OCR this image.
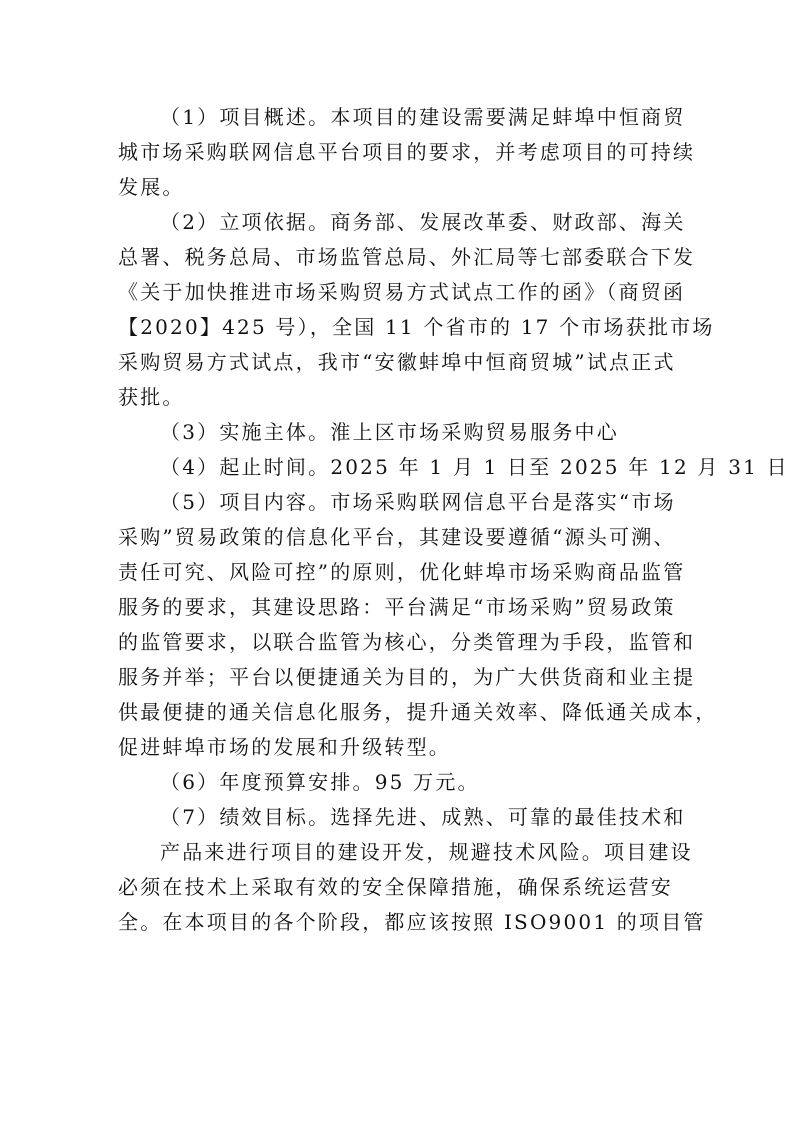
（1）项目概述。本项目的建设需要满足蚌埠中恒商贸
城市场采购联网信息平台项目的要求，并考虑项目的可持续
发展。
（2）立项依据。商务部、发展改革委、财政部、海关
总署、税务总局、市场监管总局、外汇局等七部委联合下发
《关于加快推进市场采购贸易方式试点工作的函》（商贸函
【2020】425 号），全国 11 个省市的 17 个市场获批市场
采购贸易方式试点，我市“安徽蚌埠中恒商贸城”试点正式
获批。
（3）实施主体。淮上区市场采购贸易服务中心
（4）起止时间。2025 年 1 月 1 日至 2025 年 12 月 31 日
（5）项目内容。市场采购联网信息平台是落实“市场
采购”贸易政策的信息化平台，其建设要遵循“源头可溯、
责任可究、风险可控”的原则，优化蚌埠市场采购商品监管
服务的要求，其建设思路：平台满足“市场采购”贸易政策
的监管要求，以联合监管为核心，分类管理为手段，监管和
服务并举；平台以便捷通关为目的，为广大供货商和业主提
供最便捷的通关信息化服务，提升通关效率、降低通关成本，
促进蚌埠市场的发展和升级转型。
（6）年度预算安排。95 万元。
（7）绩效目标。选择先进、成熟、可靠的最佳技术和
产品来进行项目的建设开发，规避技术风险。项目建设
必须在技术上采取有效的安全保障措施，确保系统运营安
全。在本项目的各个阶段，都应该按照 ISO9001 的项目管
